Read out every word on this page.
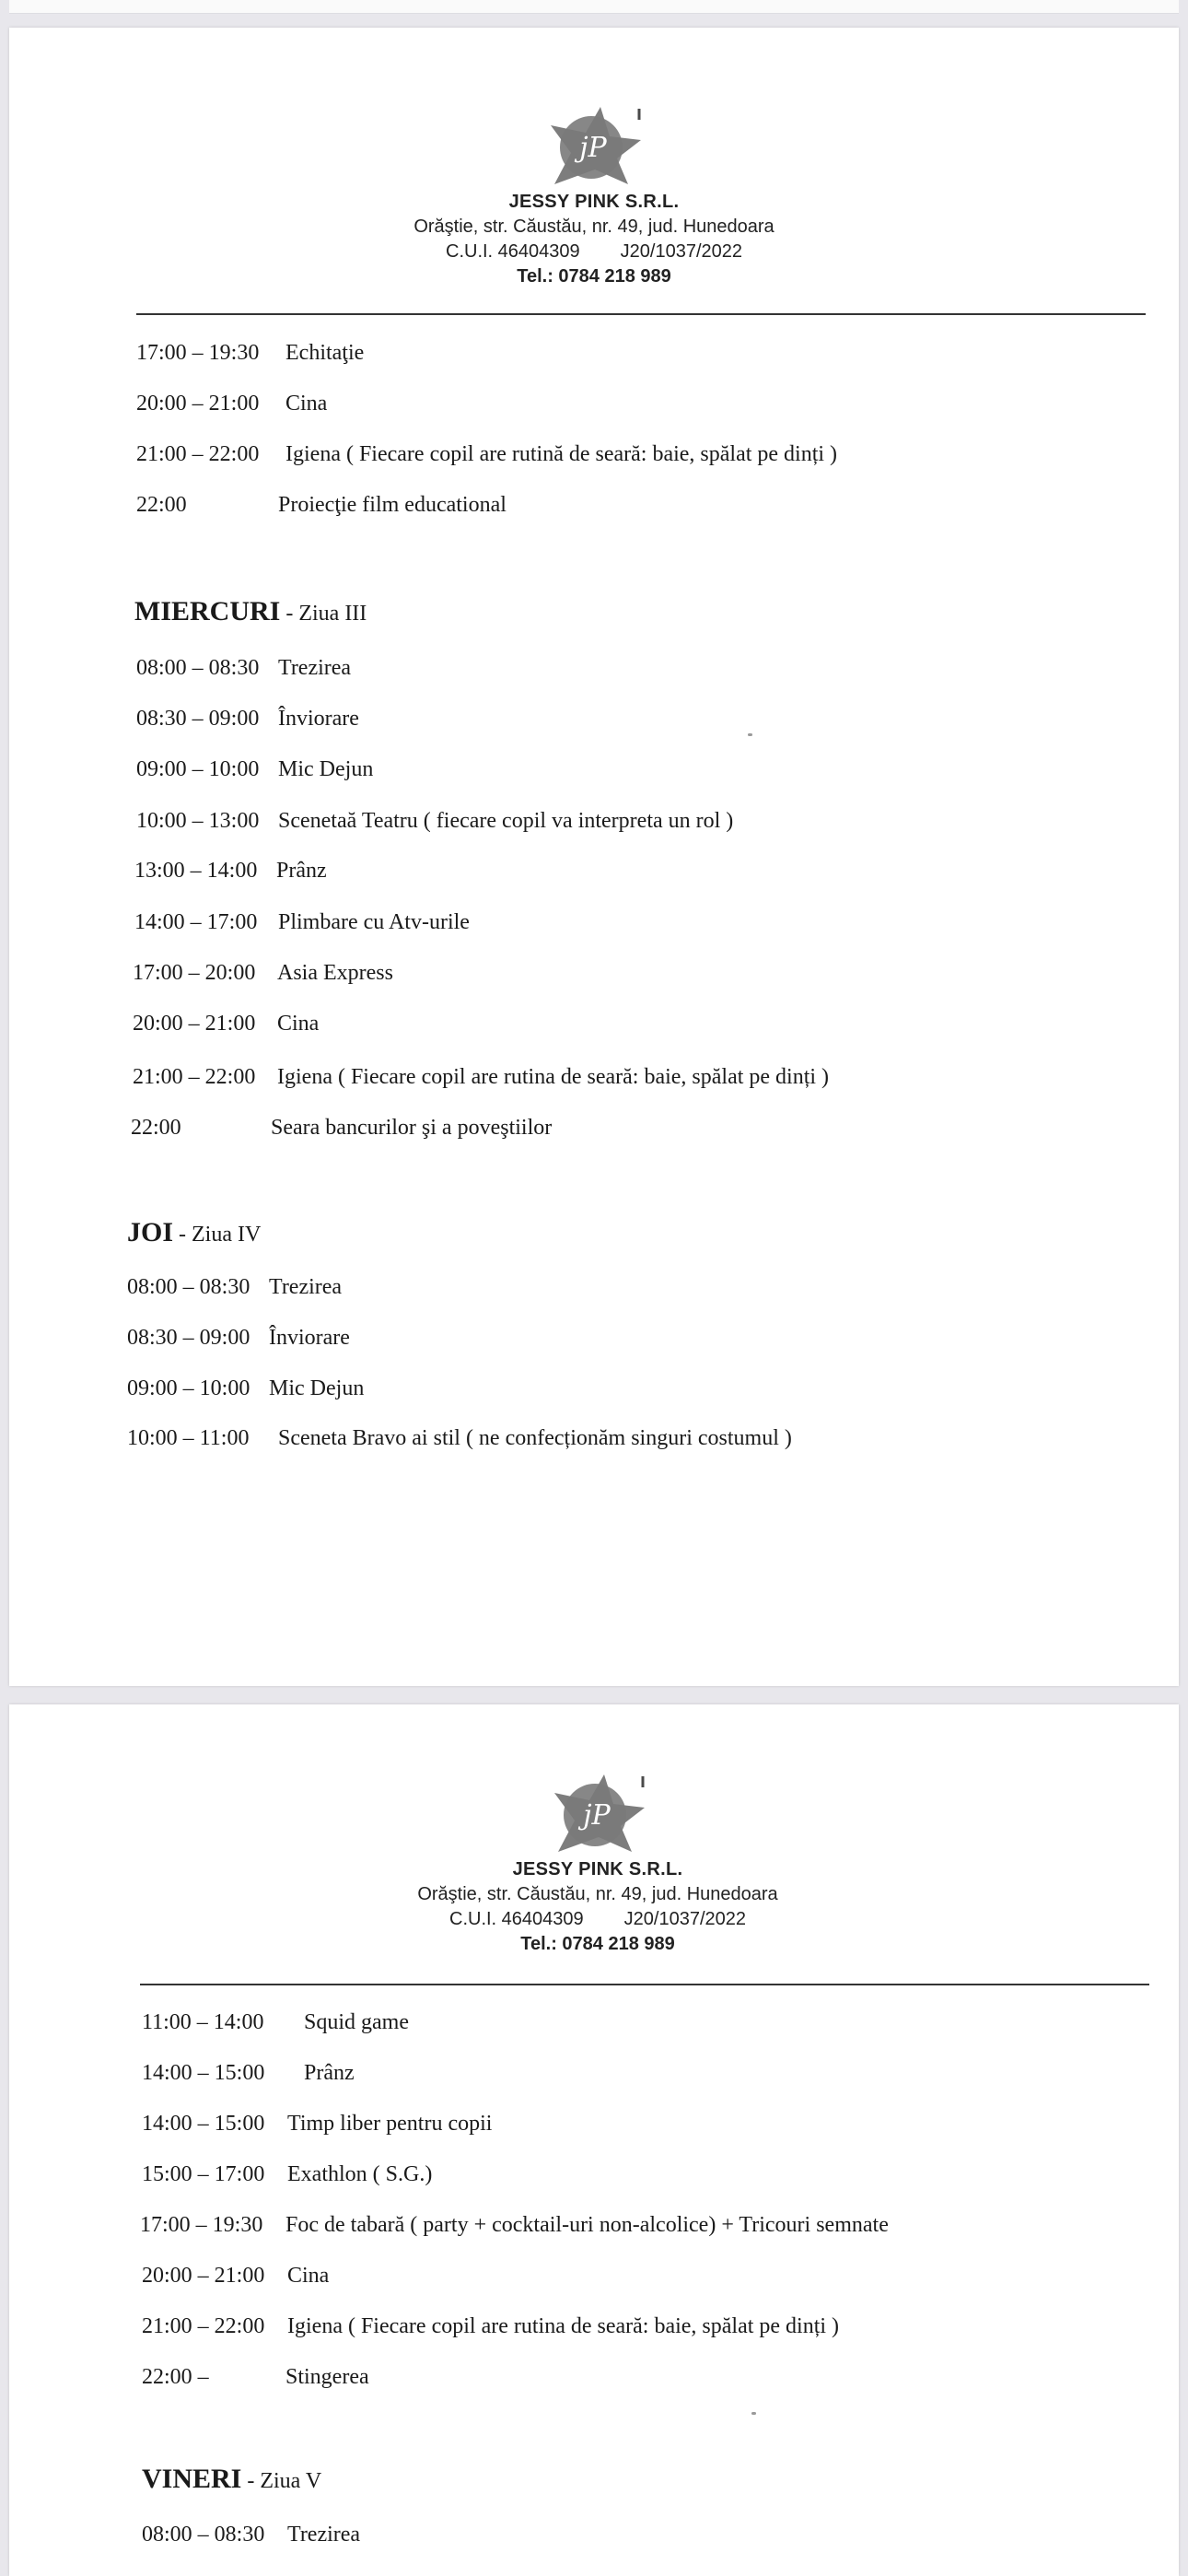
jP
JESSY PINK S.R.L.
Orăştie, str. Căustău, nr. 49, jud. Hunedoara
C.U.I. 46404309 J20/1037/2022
Tel.: 0784 218 989
17:00 – 19:30 Echitaţie
20:00 – 21:00 Cina
21:00 – 22:00 Igiena ( Fiecare copil are rutină de seară: baie, spălat pe dinți )
22:00	Proiecţie film educational
MIERCURI - Ziua III
08:00 – 08:30 Trezirea
08:30 – 09:00 Înviorare
09:00 – 10:00 Mic Dejun
10:00 – 13:00 Scenetaă Teatru ( fiecare copil va interpreta un rol )
13:00 – 14:00 Prânz
14:00 – 17:00 Plimbare cu Atv-urile
17:00 – 20:00 Asia Express
20:00 – 21:00 Cina
21:00 – 22:00 Igiena ( Fiecare copil are rutina de seară: baie, spălat pe dinți )
22:00	Seara bancurilor şi a poveştiilor
JOI - Ziua IV
08:00 – 08:30 Trezirea
08:30 – 09:00 Înviorare
09:00 – 10:00 Mic Dejun
10:00 – 11:00 Sceneta Bravo ai stil ( ne confecționăm singuri costumul )
jP
JESSY PINK S.R.L.
Orăştie, str. Căustău, nr. 49, jud. Hunedoara
C.U.I. 46404309 J20/1037/2022
Tel.: 0784 218 989
11:00 – 14:00 Squid game
14:00 – 15:00 Prânz
14:00 – 15:00 Timp liber pentru copii
15:00 – 17:00 Exathlon ( S.G.)
17:00 – 19:30 Foc de tabară ( party + cocktail-uri non-alcolice) + Tricouri semnate
20:00 – 21:00 Cina
21:00 – 22:00 Igiena ( Fiecare copil are rutina de seară: baie, spălat pe dinți )
22:00 –	Stingerea
VINERI - Ziua V
08:00 – 08:30 Trezirea
